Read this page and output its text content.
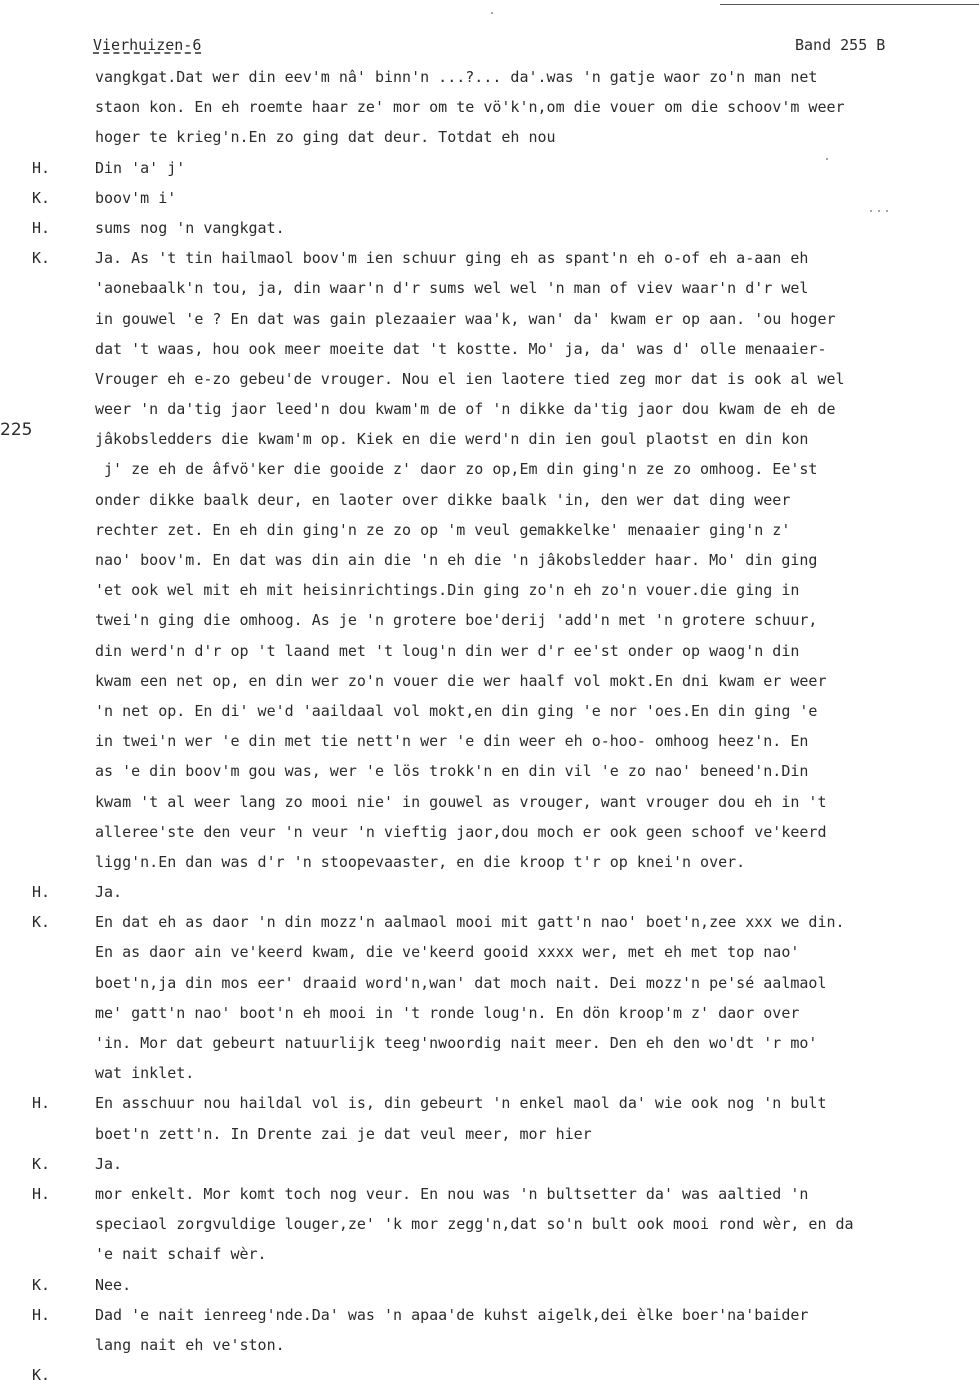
Vierhuizen-6	Band 255 B
225
vangkgat.Dat wer din eev'm nâ' binn'n ...?... da'.was 'n gatje waor zo'n man net
staon kon. En eh roemte haar ze' mor om te vö'k'n,om die vouer om die schoov'm weer
hoger te krieg'n.En zo ging dat deur. Totdat eh nou
H.	Din 'a' j'
K.	boov'm i'
H.	sums nog 'n vangkgat.
K.	Ja. As 't tin hailmaol boov'm ien schuur ging eh as spant'n eh o-of eh a-aan eh
'aonebaalk'n tou, ja, din waar'n d'r sums wel wel 'n man of viev waar'n d'r wel
in gouwel 'e ? En dat was gain plezaaier waa'k, wan' da' kwam er op aan. 'ou hoger
dat 't waas, hou ook meer moeite dat 't kostte. Mo' ja, da' was d' olle menaaier-
Vrouger eh e-zo gebeu'de vrouger. Nou el ien laotere tied zeg mor dat is ook al wel
weer 'n da'tig jaor leed'n dou kwam'm de of 'n dikke da'tig jaor dou kwam de eh de
jâkobsledders die kwam'm op. Kiek en die werd'n din ien goul plaotst en din kon
j' ze eh de âfvö'ker die gooide z' daor zo op,Em din ging'n ze zo omhoog. Ee'st
onder dikke baalk deur, en laoter over dikke baalk 'in, den wer dat ding weer
rechter zet. En eh din ging'n ze zo op 'm veul gemakkelke' menaaier ging'n z'
nao' boov'm. En dat was din ain die 'n eh die 'n jâkobsledder haar. Mo' din ging
'et ook wel mit eh mit heisinrichtings.Din ging zo'n eh zo'n vouer.die ging in
twei'n ging die omhoog. As je 'n grotere boe'derij 'add'n met 'n grotere schuur,
din werd'n d'r op 't laand met 't loug'n din wer d'r ee'st onder op waog'n din
kwam een net op, en din wer zo'n vouer die wer haalf vol mokt.En dni kwam er weer
'n net op. En di' we'd 'aaildaal vol mokt,en din ging 'e nor 'oes.En din ging 'e
in twei'n wer 'e din met tie nett'n wer 'e din weer eh o-hoo- omhoog heez'n. En
as 'e din boov'm gou was, wer 'e lös trokk'n en din vil 'e zo nao' beneed'n.Din
kwam 't al weer lang zo mooi nie' in gouwel as vrouger, want vrouger dou eh in 't
alleree'ste den veur 'n veur 'n vieftig jaor,dou moch er ook geen schoof ve'keerd
ligg'n.En dan was d'r 'n stoopevaaster, en die kroop t'r op knei'n over.
H.	Ja.
K.	En dat eh as daor 'n din mozz'n aalmaol mooi mit gatt'n nao' boet'n,zee xxx we din.
En as daor ain ve'keerd kwam, die ve'keerd gooid xxxx wer, met eh met top nao'
boet'n,ja din mos eer' draaid word'n,wan' dat moch nait. Dei mozz'n pe'sé aalmaol
me' gatt'n nao' boot'n eh mooi in 't ronde loug'n. En dön kroop'm z' daor over
'in. Mor dat gebeurt natuurlijk teeg'nwoordig nait meer. Den eh den wo'dt 'r mo'
wat inklet.
H.	En asschuur nou haildal vol is, din gebeurt 'n enkel maol da' wie ook nog 'n bult
boet'n zett'n. In Drente zai je dat veul meer, mor hier
K.	Ja.
H.	mor enkelt. Mor komt toch nog veur. En nou was 'n bultsetter da' was aaltied 'n
speciaol zorgvuldige louger,ze' 'k mor zegg'n,dat so'n bult ook mooi rond wèr, en da
'e nait schaif wèr.
K.	Nee.
H.	Dad 'e nait ienreeg'nde.Da' was 'n apaa'de kuhst aigelk,dei èlke boer'na'baider
lang nait eh ve'ston.
K.
